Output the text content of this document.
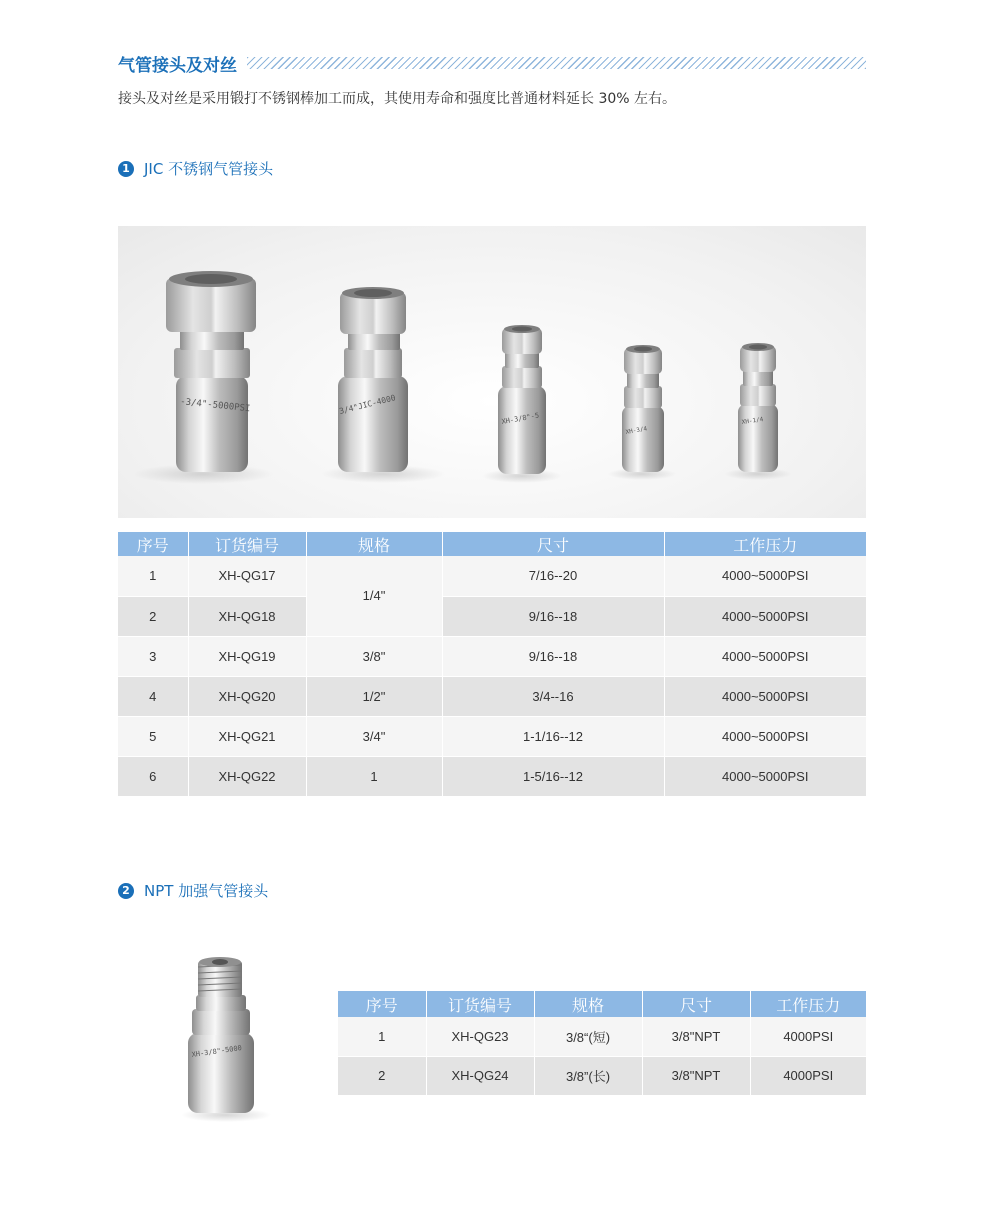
气管接头及对丝
接头及对丝是采用锻打不锈钢棒加工而成，其使用寿命和强度比普通材料延长 30% 左右。
1 JIC 不锈钢气管接头
-3/4"-5000PSI	3/4"JIC-4000
XH-3/8"-5
XH-3/4
XH-1/4
序号	订货编号	规格	尺寸	工作压力
1	XH-QG17	1/4"	7/16--20	4000~5000PSI
2	XH-QG18		9/16--18	4000~5000PSI
3	XH-QG19	3/8"	9/16--18	4000~5000PSI
4	XH-QG20	1/2"	3/4--16	4000~5000PSI
5	XH-QG21	3/4"	1-1/16--12	4000~5000PSI
6	XH-QG22	1	1-5/16--12	4000~5000PSI
2 NPT 加强气管接头
XH-3/8"-5000
序号	订货编号	规格	尺寸	工作压力
1	XH-QG23	3/8“(短)	3/8"NPT	4000PSI
2	XH-QG24	3/8”(长)	3/8"NPT	4000PSI
